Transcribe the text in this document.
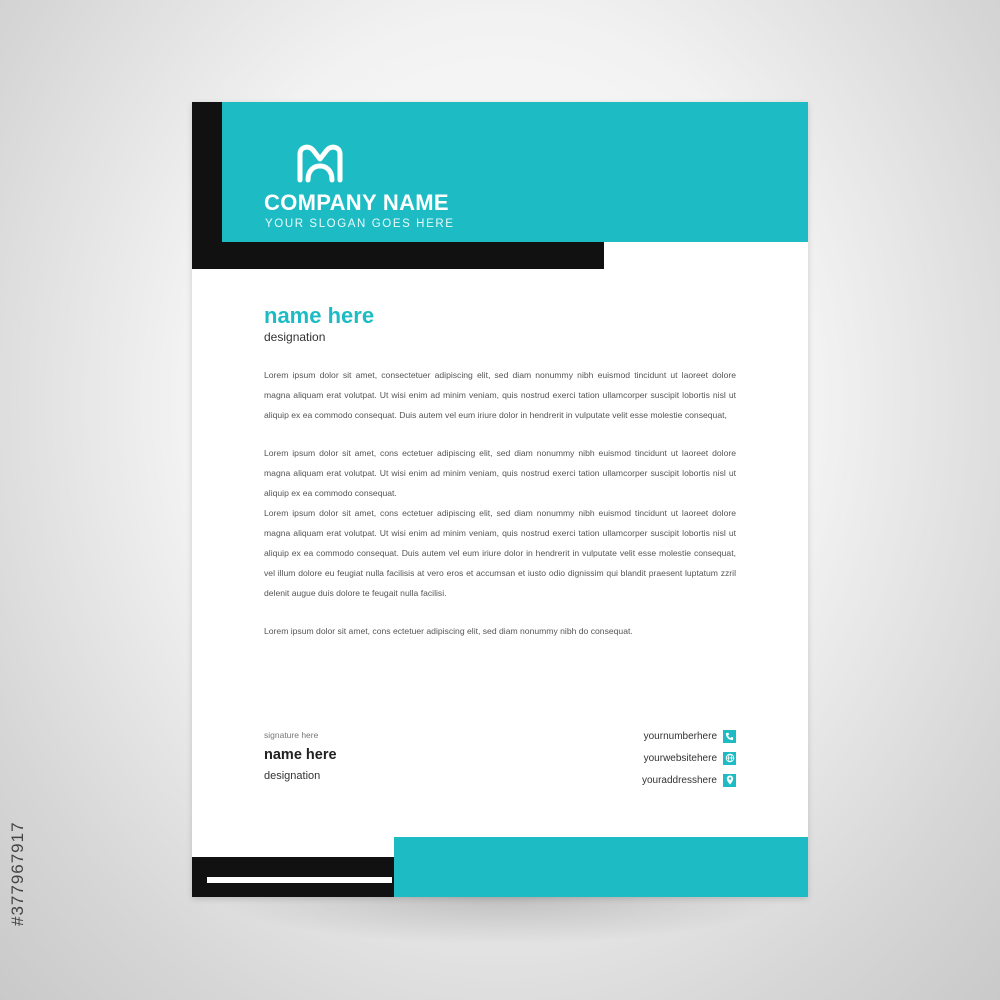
#377967917
COMPANY NAME
YOUR SLOGAN GOES HERE
name here
designation

Lorem ipsum dolor sit amet, consectetuer adipiscing elit, sed diam nonummy nibh euismod tincidunt ut laoreet dolore magna aliquam erat volutpat. Ut wisi enim ad minim veniam, quis nostrud exerci tation ullamcorper suscipit lobortis nisl ut aliquip ex ea commodo consequat. Duis autem vel eum iriure dolor in hendrerit in vulputate velit esse molestie consequat,

Lorem ipsum dolor sit amet, cons ectetuer adipiscing elit, sed diam nonummy nibh euismod tincidunt ut laoreet dolore magna aliquam erat volutpat. Ut wisi enim ad minim veniam, quis nostrud exerci tation ullamcorper suscipit lobortis nisl ut aliquip ex ea commodo consequat.

Lorem ipsum dolor sit amet, cons ectetuer adipiscing elit, sed diam nonummy nibh euismod tincidunt ut laoreet dolore magna aliquam erat volutpat. Ut wisi enim ad minim veniam, quis nostrud exerci tation ullamcorper suscipit lobortis nisl ut aliquip ex ea commodo consequat. Duis autem vel eum iriure dolor in hendrerit in vulputate velit esse molestie consequat, vel illum dolore eu feugiat nulla facilisis at vero eros et accumsan et iusto odio dignissim qui blandit praesent luptatum zzril delenit augue duis dolore te feugait nulla facilisi.

Lorem ipsum dolor sit amet, cons ectetuer adipiscing elit, sed diam nonummy nibh do consequat.

signature here
name here
designation
yournumberhere
yourwebsitehere
youraddresshere
